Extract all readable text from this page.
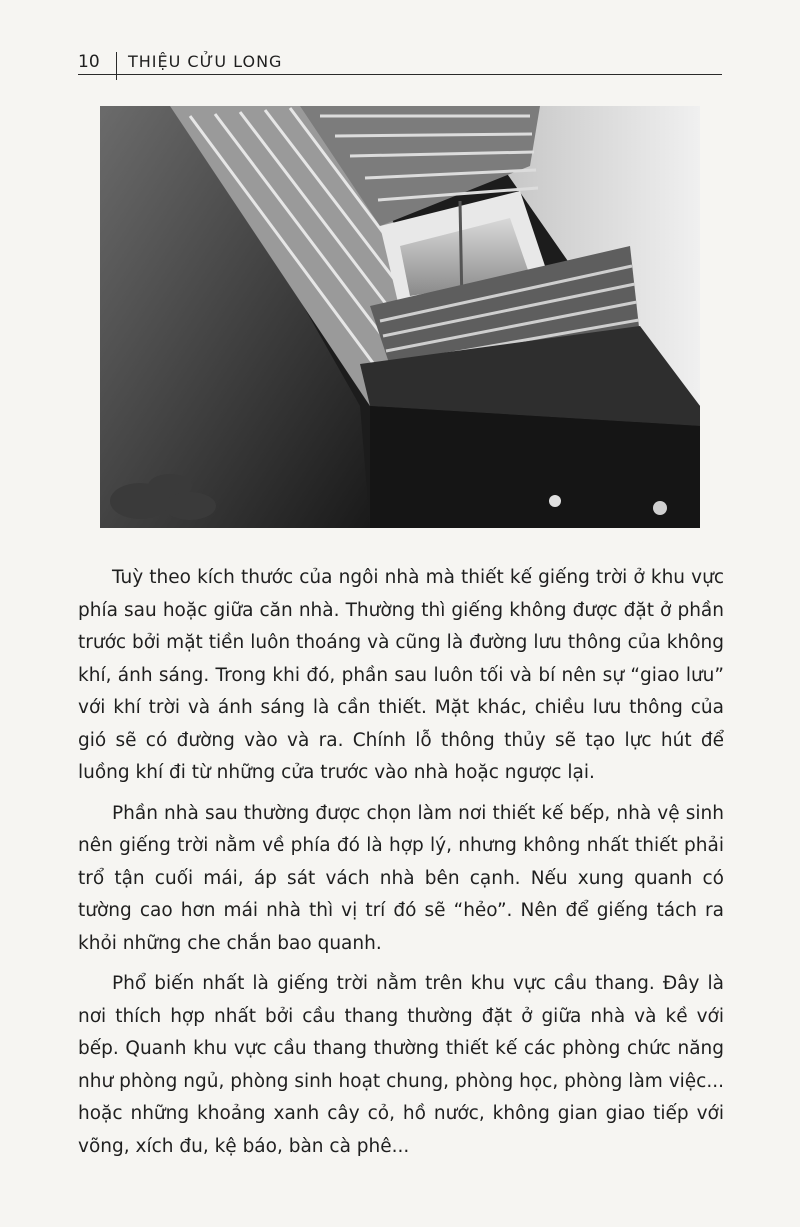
10 THIỆU CỬU LONG

Tuỳ theo kích thước của ngôi nhà mà thiết kế giếng trời ở khu vực phía sau hoặc giữa căn nhà. Thường thì giếng không được đặt ở phần trước bởi mặt tiền luôn thoáng và cũng là đường lưu thông của không khí, ánh sáng. Trong khi đó, phần sau luôn tối và bí nên sự “giao lưu” với khí trời và ánh sáng là cần thiết. Mặt khác, chiều lưu thông của gió sẽ có đường vào và ra. Chính lỗ thông thủy sẽ tạo lực hút để luồng khí đi từ những cửa trước vào nhà hoặc ngược lại.

Phần nhà sau thường được chọn làm nơi thiết kế bếp, nhà vệ sinh nên giếng trời nằm về phía đó là hợp lý, nhưng không nhất thiết phải trổ tận cuối mái, áp sát vách nhà bên cạnh. Nếu xung quanh có tường cao hơn mái nhà thì vị trí đó sẽ “hẻo”. Nên để giếng tách ra khỏi những che chắn bao quanh.

Phổ biến nhất là giếng trời nằm trên khu vực cầu thang. Đây là nơi thích hợp nhất bởi cầu thang thường đặt ở giữa nhà và kề với bếp. Quanh khu vực cầu thang thường thiết kế các phòng chức năng như phòng ngủ, phòng sinh hoạt chung, phòng học, phòng làm việc... hoặc những khoảng xanh cây cỏ, hồ nước, không gian giao tiếp với võng, xích đu, kệ báo, bàn cà phê...
